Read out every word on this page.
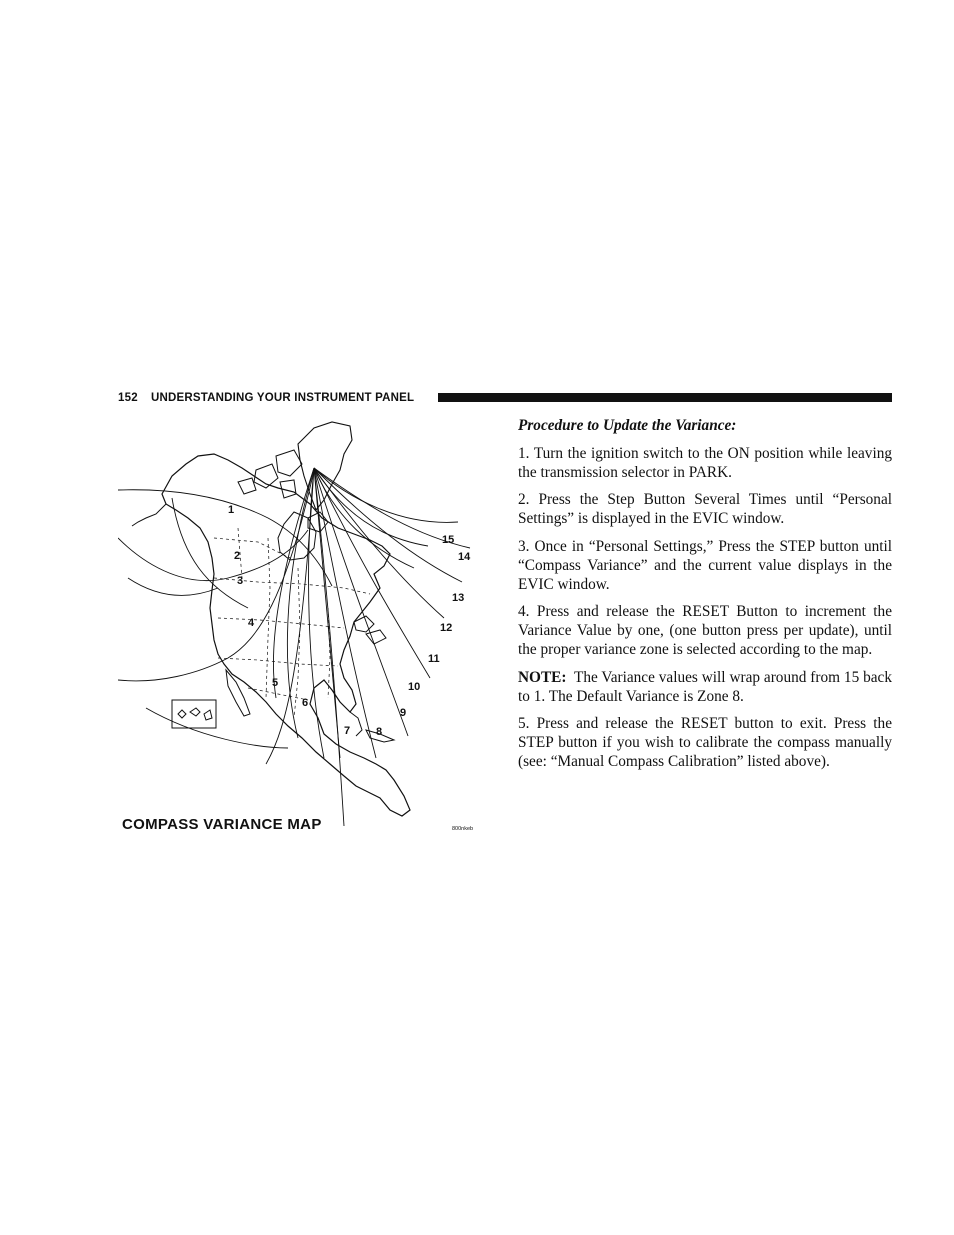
152 UNDERSTANDING YOUR INSTRUMENT PANEL
1
2
3
4
5
6
7 8
9
10
11
12
13
14
15
COMPASS VARIANCE MAP	800nkeb

Procedure to Update the Variance:

1. Turn the ignition switch to the ON position while leaving the transmission selector in PARK.

2. Press the Step Button Several Times until “Personal Settings” is displayed in the EVIC window.

3. Once in “Personal Settings,” Press the STEP button until “Compass Variance” and the current value displays in the EVIC window.

4. Press and release the RESET Button to increment the Variance Value by one, (one button press per update), until the proper variance zone is selected according to the map.

NOTE: The Variance values will wrap around from 15 back to 1. The Default Variance is Zone 8.

5. Press and release the RESET button to exit. Press the STEP button if you wish to calibrate the compass manually (see: “Manual Compass Calibration” listed above).
